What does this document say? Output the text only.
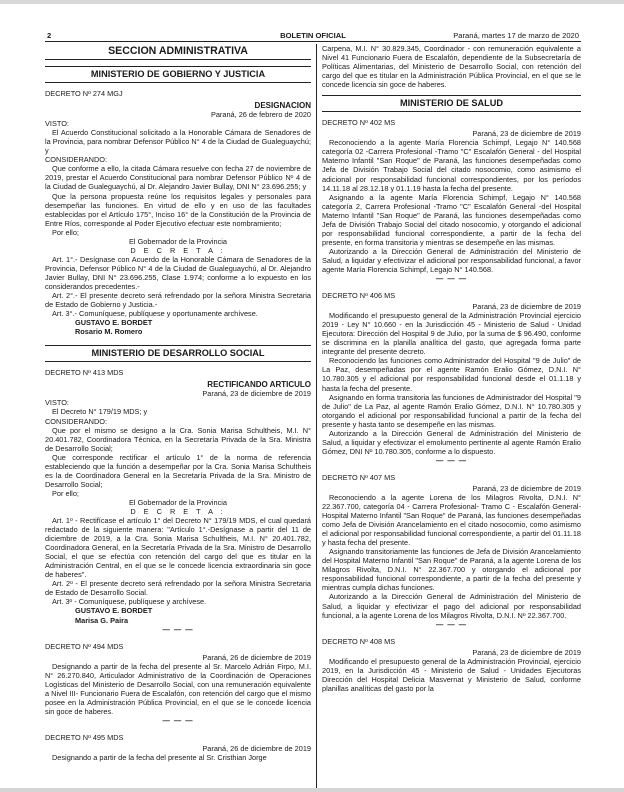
2	BOLETIN OFICIAL	Paraná, martes 17 de marzo de 2020
SECCION ADMINISTRATIVA
MINISTERIO DE GOBIERNO Y JUSTICIA

DECRETO Nº 274 MGJ

DESIGNACION

Paraná, 26 de febrero de 2020

VISTO:

El Acuerdo Constitucional solicitado a la Honorable Cámara de Senadores de la Provincia, para nombrar Defensor Público N° 4 de la Ciudad de Gualeguaychú; y

CONSIDERANDO:

Que conforme a ello, la citada Cámara resuelve con fecha 27 de noviembre de 2019, prestar el Acuerdo Constitucional para nombrar Defensor Público Nº 4 de la Ciudad de Gualeguaychú, al Dr. Alejandro Javier Bullay, DNI N° 23.696.255; y

Que la persona propuesta reúne los requisitos legales y personales para desempeñar las funciones. En virtud de ello y en uso de las facultades establecidas por el Artículo 175°, Inciso 16° de la Constitución de la Provincia de Entre Ríos, corresponde al Poder Ejecutivo efectuar este nombramiento;

Por ello;

El Gobernador de la Provincia

D E C R E T A :

Art. 1°.- Desígnase con Acuerdo de la Honorable Cámara de Senadores de la Provincia, Defensor Público N° 4 de la Ciudad de Gualeguaychú, al Dr. Alejandro Javier Bullay, DNI N° 23.696.255, Clase 1.974; conforme a lo expuesto en los considerandos precedentes.-

Art. 2°.- El presente decreto será refrendado por la señora Ministra Secretaria de Estado de Gobierno y Justicia.-

Art. 3°.- Comuníquese, publíquese y oportunamente archívese.

GUSTAVO E. BORDET

Rosario M. Romero

MINISTERIO DE DESARROLLO SOCIAL

DECRETO Nº 413 MDS

RECTIFICANDO ARTICULO

Paraná, 23 de diciembre de 2019

VISTO:

El Decreto N° 179/19 MDS; y

CONSIDERANDO:

Que por el mismo se designo a la Cra. Sonia Marisa Schultheis, M.I. N° 20.401.782, Coordinadora Técnica, en la Secretaría Privada de la Sra. Ministra de Desarrollo Social;

Que corresponde rectificar el artículo 1° de la norma de referencia estableciendo que la función a desempeñar por la Cra. Sonia Marisa Schultheis es la de Coordinadora General en la Secretaría Privada de la Sra. Ministro de Desarrollo Social;

Por ello;

El Gobernador de la Provincia

D E C R E T A :

Art. 1º - Rectifícase el artículo 1° del Decreto N° 179/19 MDS, el cual quedará redactado de la siguiente manera: "Artículo 1°.-Desígnase a partir del 11 de diciembre de 2019, a la Cra. Sonia Marisa Schultheis, M.I. N° 20.401.782, Coordinadora General, en la Secretaría Privada de la Sra. Ministro de Desarrollo Social, el que se efectúa con retención del cargo del que es titular en la Administración Central, en el que se le concede licencia extraordinaria sin goce de haberes".

Art. 2º - El presente decreto será refrendado por la señora Ministra Secretaria de Estado de Desarrollo Social.

Art. 3º - Comuníquese, publíquese y archívese.

GUSTAVO E. BORDET

Marisa G. Paira

— — —

DECRETO Nº 494 MDS

Paraná, 26 de diciembre de 2019

Designando a partir de la fecha del presente al Sr. Marcelo Adrián Firpo, M.I. N° 26.270.840, Articulador Administrativo de la Coordinación de Operaciones Logísticas del Ministerio de Desarrollo Social, con una remuneración equivalente a Nivel III- Funcionario Fuera de Escalafón, con retención del cargo que el mismo posee en la Administración Pública Provincial, en el que se le concede licencia sin goce de haberes.

— — —

DECRETO Nº 495 MDS

Paraná, 26 de diciembre de 2019

Designando a partir de la fecha del presente al Sr. Cristhian Jorge

Carpena, M.I. N° 30.829.345, Coordinador - con remuneración equivalente a Nivel 41 Funcionario Fuera de Escalafón, dependiente de la Subsecretaría de Políticas Alimentarias, del Ministerio de Desarrollo Social, con retención del cargo del que es titular en la Administración Pública Provincial, en el que se le concede licencia sin goce de haberes.

MINISTERIO DE SALUD

DECRETO Nº 402 MS

Paraná, 23 de diciembre de 2019

Reconociendo a la agente María Florencia Schimpf, Legajo N° 140.568 categoría 02 -Carrera Profesional -Tramo "C" Escalafón General - del Hospital Materno Infantil "San Roque" de Paraná, las funciones desempeñadas como Jefa de División Trabajo Social del citado nosocomio, como asimismo el adicional por responsabilidad funcional correspondientes, por los períodos 14.11.18 al 28.12.18 y 01.1.19 hasta la fecha del presente.

Asignando a la agente María Florencia Schimpf, Legajo N° 140.568 categoría 2, Carrera Profesional -Tramo "C" Escalafón General -del Hospital Materno Infantil "San Roque" de Paraná, las funciones desempeñadas como Jefa de División Trabajo Social del citado nosocomio, y otorgando el adicional por responsabilidad funcional correspondiente, a partir de la fecha del presente, en forma transitoria y mientras se desempeñe en las mismas.

Autorizando a la Dirección General de Administración del Ministerio de Salud, a liquidar y efectivizar el adicional por responsabilidad funcional, a favor agente María Florencia Schimpf, Legajo N° 140.568.

— — —

DECRETO Nº 406 MS

Paraná, 23 de diciembre de 2019

Modificando el presupuesto general de la Administración Provincial ejercicio 2019 - Ley N° 10.660 - en la Jurisdicción 45 - Ministerio de Salud - Unidad Ejecutora: Dirección del Hospital 9 de Julio, por la suma de $ 96.490, conforme se discrimina en la planilla analítica del gasto, que agregada forma parte integrante del presente decreto.

Reconociendo las funciones como Administrador del Hospital "9 de Julio" de La Paz, desempeñadas por el agente Ramón Eralio Gómez, D.N.I. N° 10.780.305 y el adicional por responsabilidad funcional desde el 01.1.18 y hasta la fecha del presente.

Asignando en forma transitoria las funciones de Administrador del Hospital "9 de Julio" de La Paz, al agente Ramón Eralio Gómez, D.N.I. N° 10.780.305 y otorgando el adicional por responsabilidad funcional a partir de la fecha del presente y hasta tanto se desempeñe en las mismas.

Autorizando a la Dirección General de Administración del Ministerio de Salud, a liquidar y efectivizar el emolumento pertinente al agente Ramón Eralio Gómez, DNI Nº 10.780.305, conforme a lo dispuesto.

— — —

DECRETO Nº 407 MS

Paraná, 23 de diciembre de 2019

Reconociendo a la agente Lorena de los Milagros Rivolta, D.N.I. N° 22.367.700, categoría 04 - Carrera Profesional- Tramo C - Escalafón General- Hospital Materno Infantil "San Roque" de Paraná, las funciones desempeñadas como Jefa de División Arancelamiento en el citado nosocomio, como asimismo el adicional por responsabilidad funcional correspondiente, a partir del 01.11.18 y hasta fecha del presente.

Asignando transitoriamente las funciones de Jefa de División Arancelamiento del Hospital Materno Infantil "San Roque" de Paraná, a la agente Lorena de los Milagros Rivolta, D.N.I. N° 22.367.700 y otorgando el adicional por responsabilidad funcional correspondiente, a partir de la fecha del presente y mientras cumpla dichas funciones.

Autorizando a la Dirección General de Administración del Ministerio de Salud, a liquidar y efectivizar el pago del adicional por responsabilidad funcional, a la agente Lorena de los Milagros Rivolta, D.N.I. Nº 22.367.700.

— — —

DECRETO Nº 408 MS

Paraná, 23 de diciembre de 2019

Modificando el presupuesto general de la Administración Provincial, ejercicio 2019, en la Jurisdicción 45 - Ministerio de Salud - Unidades Ejecutoras Dirección del Hospital Delicia Masvernat y Ministerio de Salud, conforme planillas analíticas del gasto por la
